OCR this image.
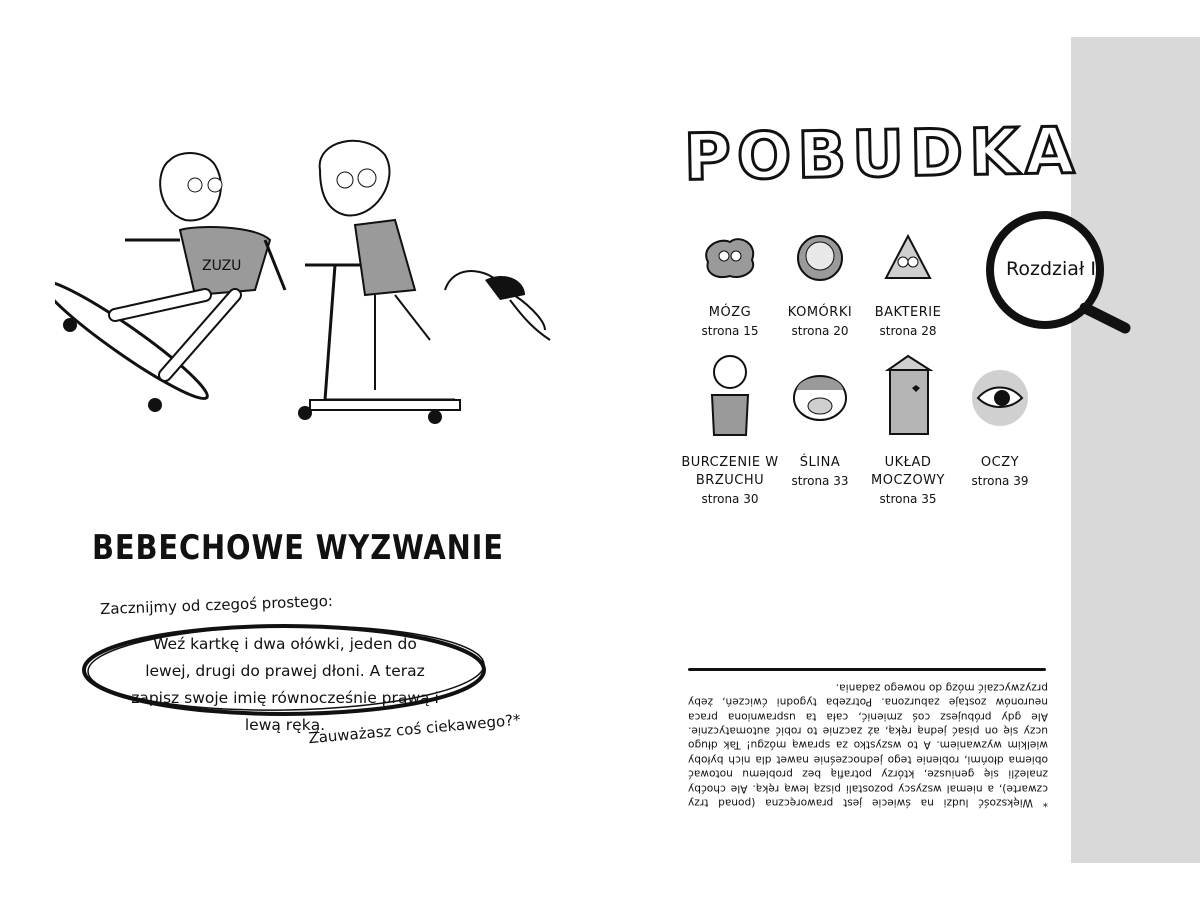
ZUZU
BEBECHOWE WYZWANIE
Zacznijmy od czegoś prostego:
Weź kartkę i dwa ołówki, jeden do lewej, drugi do prawej dłoni. A teraz zapisz swoje imię równocześnie prawą i lewą ręką.
Zauważasz coś ciekawego?*
POBUDKA
Rozdział I
MÓZG
strona 15
KOMÓRKI
strona 20
BAKTERIE
strona 28
BURCZENIE W BRZUCHU
strona 30
ŚLINA
strona 33
UKŁAD MOCZOWY
strona 35
OCZY
strona 39
* Większość ludzi na świecie jest praworęczna (ponad trzy czwarte), a niemal wszyscy pozostali piszą lewą ręką. Ale choćby znaleźli się geniusze, którzy potrafią bez problemu notować obiema dłońmi, robienie tego jednocześnie nawet dla nich byłoby wielkim wyzwaniem. A to wszystko za sprawą mózgu! Tak długo uczy się on pisać jedną ręką, aż zacznie to robić automatycznie. Ale gdy próbujesz coś zmienić, cała ta usprawniona praca neuronów zostaje zaburzona. Potrzeba tygodni ćwiczeń, żeby przyzwyczaić mózg do nowego zadania.
